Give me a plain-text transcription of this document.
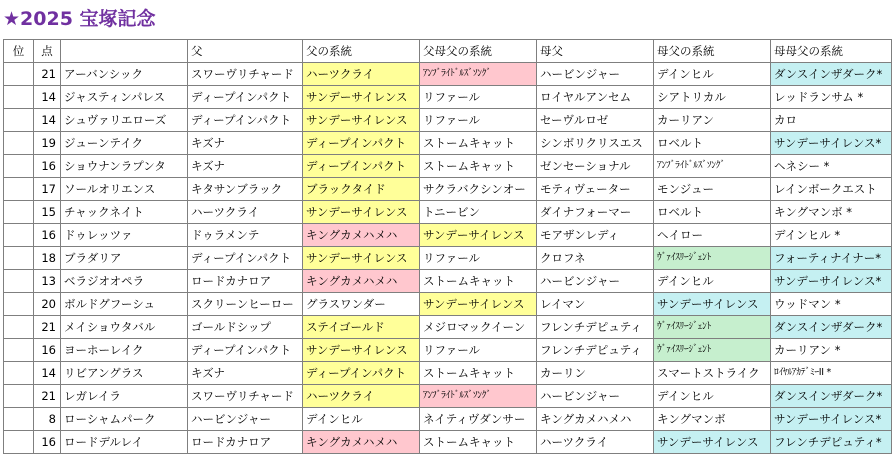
★2025 宝塚記念
位	点		父	父の系統	父母父の系統	母父	母父の系統	母母父の系統
	21	アーバンシック	スワーヴリチャード	ハーツクライ	ｱﾝﾌﾞﾗｲﾄﾞﾙｽﾞｿﾝｸﾞ	ハービンジャー	デインヒル	ダンスインザダーク*
	14	ジャスティンパレス	ディープインパクト	サンデーサイレンス	リファール	ロイヤルアンセム	シアトリカル	レッドランサム *
	14	シュヴァリエローズ	ディープインパクト	サンデーサイレンス	リファール	セーヴルロゼ	カーリアン	カロ
	19	ジューンテイク	キズナ	ディープインパクト	ストームキャット	シンボリクリスエス	ロベルト	サンデーサイレンス*
	16	ショウナンラプンタ	キズナ	ディープインパクト	ストームキャット	ゼンセーショナル	ｱﾝﾌﾞﾗｲﾄﾞﾙｽﾞｿﾝｸﾞ	ヘネシー *
	17	ソールオリエンス	キタサンブラック	ブラックタイド	サクラバクシンオー	モティヴェーター	モンジュー	レインボークエスト
	15	チャックネイト	ハーツクライ	サンデーサイレンス	トニービン	ダイナフォーマー	ロベルト	キングマンボ *
	16	ドゥレッツァ	ドゥラメンテ	キングカメハメハ	サンデーサイレンス	モアザンレディ	ヘイロー	デインヒル *
	18	ブラダリア	ディープインパクト	サンデーサイレンス	リファール	クロフネ	ｳﾞｧｲｽﾘｰｼﾞｪﾝﾄ	フォーティナイナー*
	13	ベラジオオペラ	ロードカナロア	キングカメハメハ	ストームキャット	ハービンジャー	デインヒル	サンデーサイレンス*
	20	ボルドグフーシュ	スクリーンヒーロー	グラスワンダー	サンデーサイレンス	レイマン	サンデーサイレンス	ウッドマン *
	21	メイショウタバル	ゴールドシップ	ステイゴールド	メジロマックイーン	フレンチデピュティ	ｳﾞｧｲｽﾘｰｼﾞｪﾝﾄ	ダンスインザダーク*
	16	ヨーホーレイク	ディープインパクト	サンデーサイレンス	リファール	フレンチデピュティ	ｳﾞｧｲｽﾘｰｼﾞｪﾝﾄ	カーリアン *
	14	リビアングラス	キズナ	ディープインパクト	ストームキャット	カーリン	スマートストライク	ﾛｲﾔﾙｱｶﾃﾞﾐｰII *
	21	レガレイラ	スワーヴリチャード	ハーツクライ	ｱﾝﾌﾞﾗｲﾄﾞﾙｽﾞｿﾝｸﾞ	ハービンジャー	デインヒル	ダンスインザダーク*
	8	ローシャムパーク	ハービンジャー	デインヒル	ネイティヴダンサー	キングカメハメハ	キングマンボ	サンデーサイレンス*
	16	ロードデルレイ	ロードカナロア	キングカメハメハ	ストームキャット	ハーツクライ	サンデーサイレンス	フレンチデピュティ*
